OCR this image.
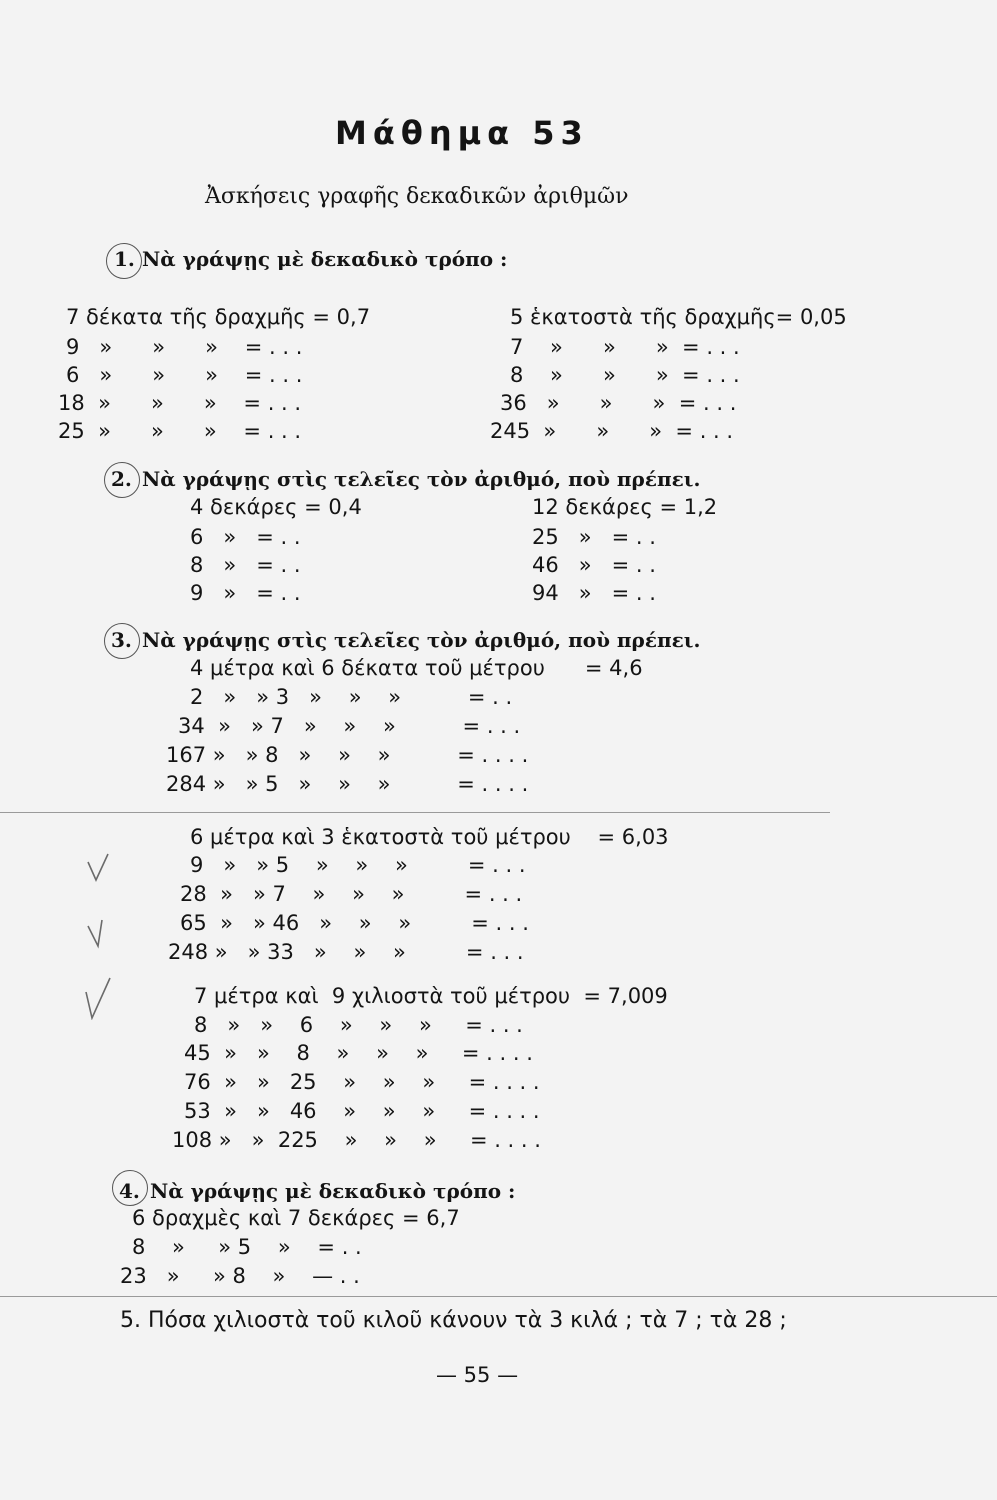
Μάθημα 53
Ἀσκήσεις γραφῆς δεκαδικῶν ἀριθμῶν
1. Νὰ γράψῃς μὲ δεκαδικὸ τρόπο :
7 δέκατα τῆς δραχμῆς = 0,7
9   »      »      »    = . . .
6   »      »      »    = . . .
18  »      »      »    = . . .
25  »      »      »    = . . .
5 ἑκατοστὰ τῆς δραχμῆς= 0,05
7    »      »      »  = . . .
8    »      »      »  = . . .
36   »      »      »  = . . .
245  »      »      »  = . . .
2. Νὰ γράψῃς στὶς τελεῖες τὸν ἀριθμό, ποὺ πρέπει.
4 δεκάρες = 0,4
6   »   = . .
8   »   = . .
9   »   = . .
12 δεκάρες = 1,2
25   »   = . .
46   »   = . .
94   »   = . .
3. Νὰ γράψῃς στὶς τελεῖες τὸν ἀριθμό, ποὺ πρέπει.
4 μέτρα καὶ 6 δέκατα τοῦ μέτρου      = 4,6
2   »   » 3   »    »    »          = . .
34  »   » 7   »    »    »          = . . .
167 »   » 8   »    »    »          = . . . .
284 »   » 5   »    »    »          = . . . .
6 μέτρα καὶ 3 ἑκατοστὰ τοῦ μέτρου    = 6,03
9   »   » 5    »    »    »         = . . .
28  »   » 7    »    »    »         = . . .
65  »   » 46   »    »    »         = . . .
248 »   » 33   »    »    »         = . . .
7 μέτρα καὶ  9 χιλιοστὰ τοῦ μέτρου  = 7,009
8   »   »    6    »    »    »     = . . .
45  »   »    8    »    »    »     = . . . .
76  »   »   25    »    »    »     = . . . .
53  »   »   46    »    »    »     = . . . .
108 »   »  225    »    »    »     = . . . .
4. Νὰ γράψῃς μὲ δεκαδικὸ τρόπο :
6 δραχμὲς καὶ 7 δεκάρες = 6,7
8    »     » 5    »    = . .
23   »     » 8    »    — . .
5. Πόσα χιλιοστὰ τοῦ κιλοῦ κάνουν τὰ 3 κιλά ; τὰ 7 ; τὰ 28 ;
— 55 —
